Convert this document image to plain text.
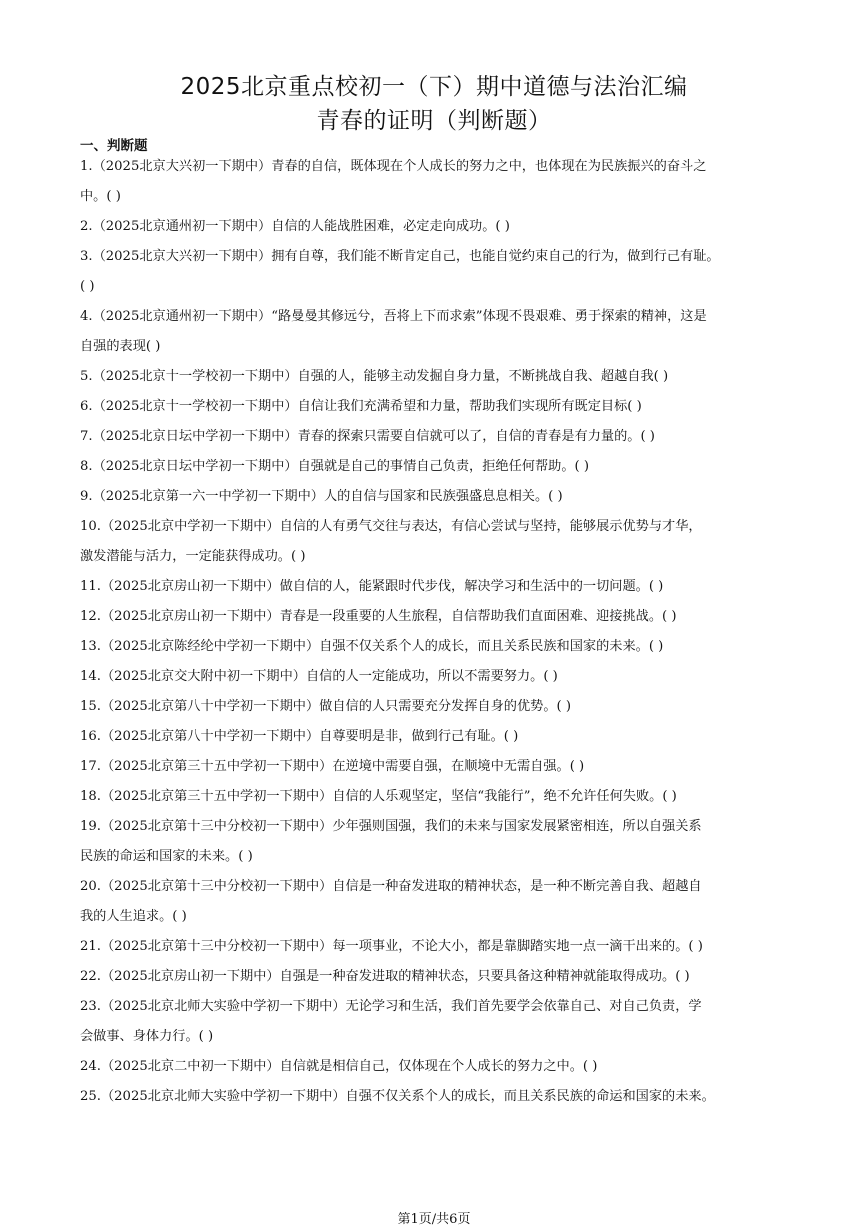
2025北京重点校初一（下）期中道德与法治汇编
青春的证明（判断题）
一、判断题
1.（2025北京大兴初一下期中）青春的自信，既体现在个人成长的努力之中，也体现在为民族振兴的奋斗之
中。( )
2.（2025北京通州初一下期中）自信的人能战胜困难，必定走向成功。( )
3.（2025北京大兴初一下期中）拥有自尊，我们能不断肯定自己，也能自觉约束自己的行为，做到行己有耻。
( )
4.（2025北京通州初一下期中）“路曼曼其修远兮，吾将上下而求索”体现不畏艰难、勇于探索的精神，这是
自强的表现( )
5.（2025北京十一学校初一下期中）自强的人，能够主动发掘自身力量，不断挑战自我、超越自我( )
6.（2025北京十一学校初一下期中）自信让我们充满希望和力量，帮助我们实现所有既定目标( )
7.（2025北京日坛中学初一下期中）青春的探索只需要自信就可以了，自信的青春是有力量的。( )
8.（2025北京日坛中学初一下期中）自强就是自己的事情自己负责，拒绝任何帮助。( )
9.（2025北京第一六一中学初一下期中）人的自信与国家和民族强盛息息相关。( )
10.（2025北京中学初一下期中）自信的人有勇气交往与表达，有信心尝试与坚持，能够展示优势与才华，
激发潜能与活力，一定能获得成功。( )
11.（2025北京房山初一下期中）做自信的人，能紧跟时代步伐，解决学习和生活中的一切问题。( )
12.（2025北京房山初一下期中）青春是一段重要的人生旅程，自信帮助我们直面困难、迎接挑战。( )
13.（2025北京陈经纶中学初一下期中）自强不仅关系个人的成长，而且关系民族和国家的未来。( )
14.（2025北京交大附中初一下期中）自信的人一定能成功，所以不需要努力。( )
15.（2025北京第八十中学初一下期中）做自信的人只需要充分发挥自身的优势。( )
16.（2025北京第八十中学初一下期中）自尊要明是非，做到行己有耻。( )
17.（2025北京第三十五中学初一下期中）在逆境中需要自强，在顺境中无需自强。( )
18.（2025北京第三十五中学初一下期中）自信的人乐观坚定，坚信“我能行”，绝不允许任何失败。( )
19.（2025北京第十三中分校初一下期中）少年强则国强，我们的未来与国家发展紧密相连，所以自强关系
民族的命运和国家的未来。( )
20.（2025北京第十三中分校初一下期中）自信是一种奋发进取的精神状态，是一种不断完善自我、超越自
我的人生追求。( )
21.（2025北京第十三中分校初一下期中）每一项事业，不论大小，都是靠脚踏实地一点一滴干出来的。( )
22.（2025北京房山初一下期中）自强是一种奋发进取的精神状态，只要具备这种精神就能取得成功。( )
23.（2025北京北师大实验中学初一下期中）无论学习和生活，我们首先要学会依靠自己、对自己负责，学
会做事、身体力行。( )
24.（2025北京二中初一下期中）自信就是相信自己，仅体现在个人成长的努力之中。( )
25.（2025北京北师大实验中学初一下期中）自强不仅关系个人的成长，而且关系民族的命运和国家的未来。
第1页/共6页
